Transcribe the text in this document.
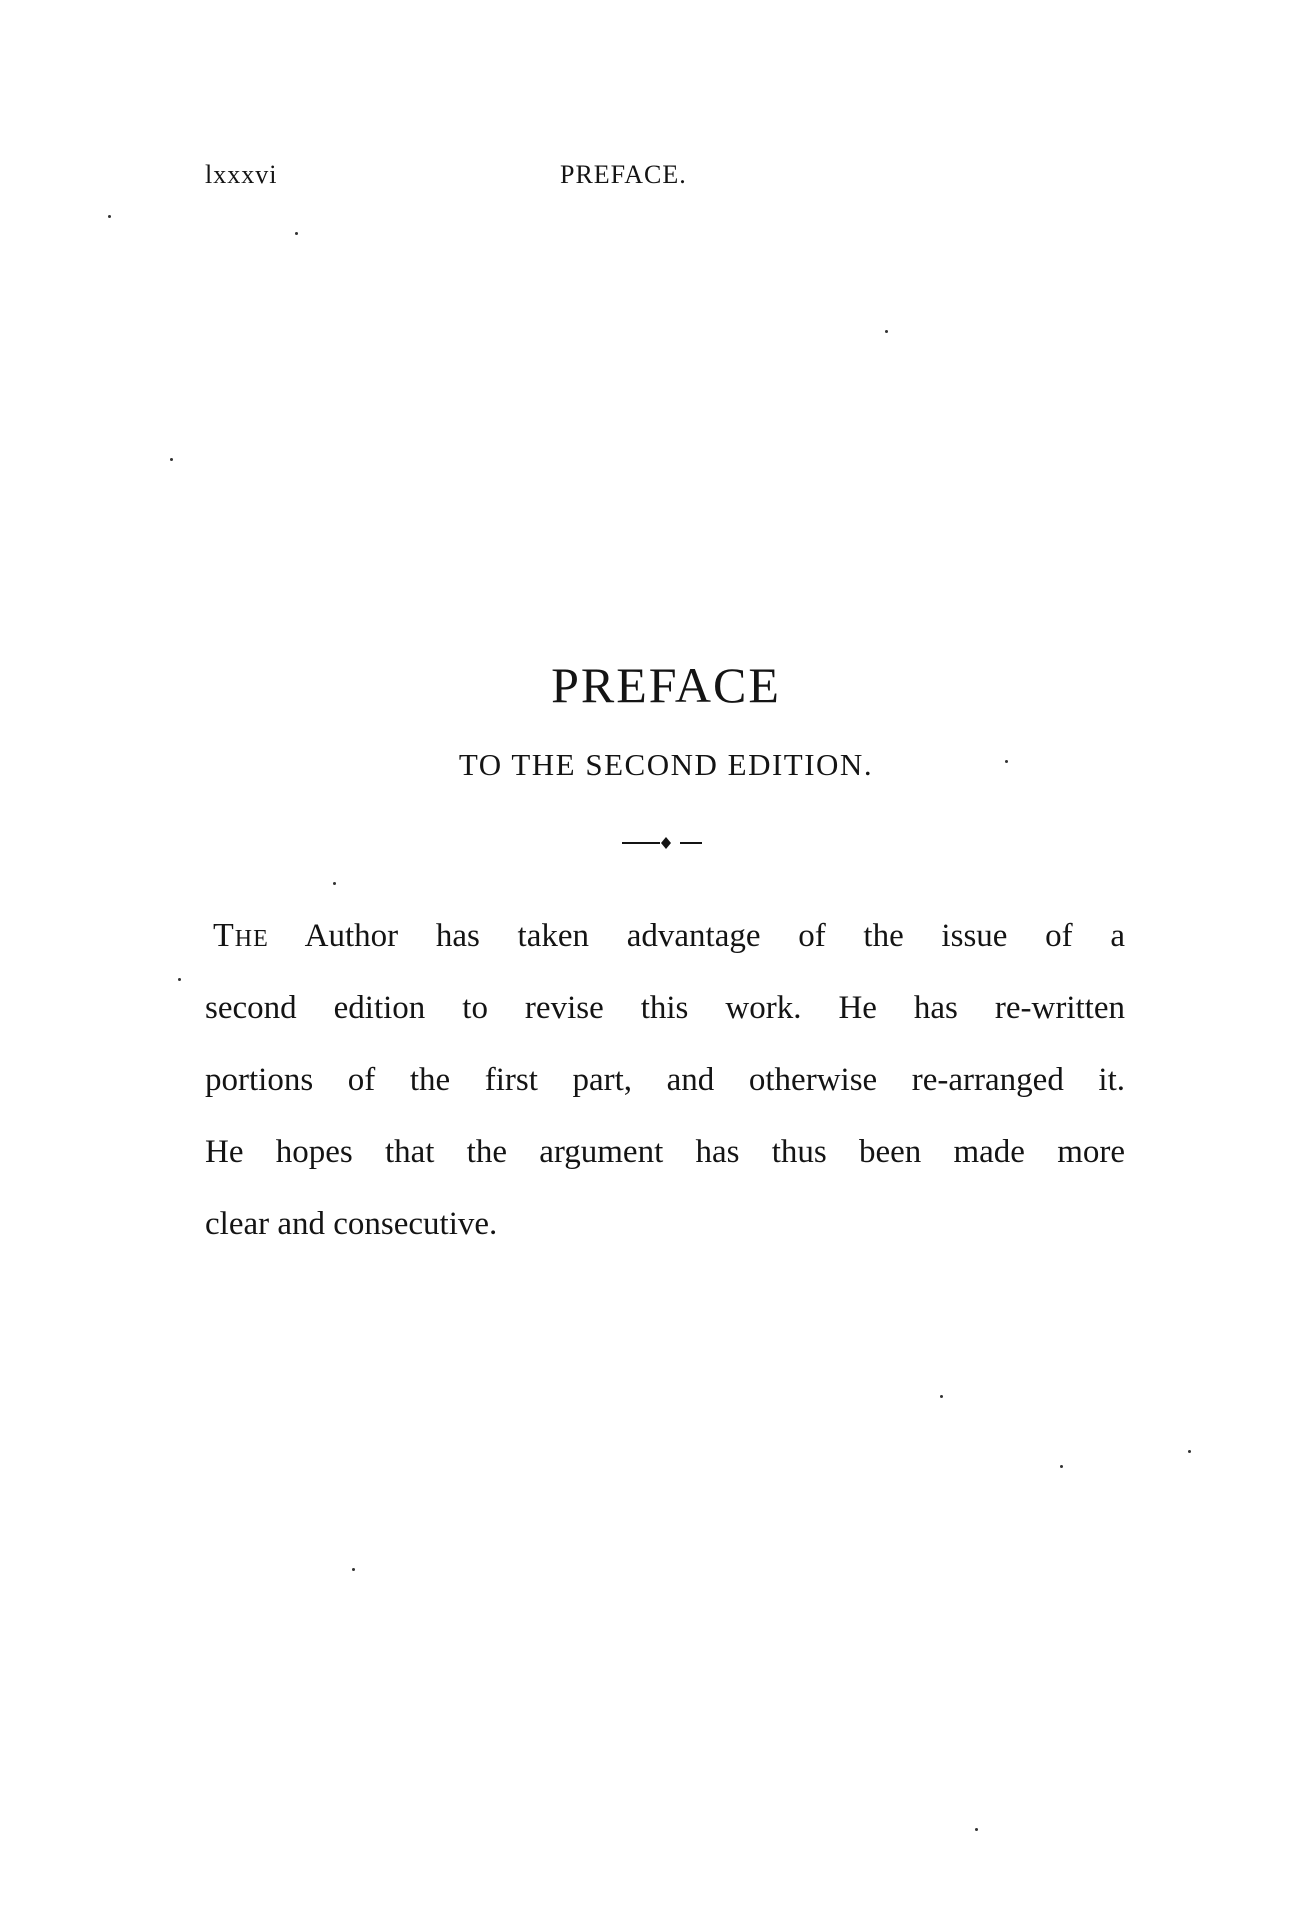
lxxxvi	PREFACE.
PREFACE
TO THE SECOND EDITION.
The Author has taken advantage of the issue of a
second edition to revise this work. He has re-written
portions of the first part, and otherwise re-arranged it.
He hopes that the argument has thus been made more
clear and consecutive.
